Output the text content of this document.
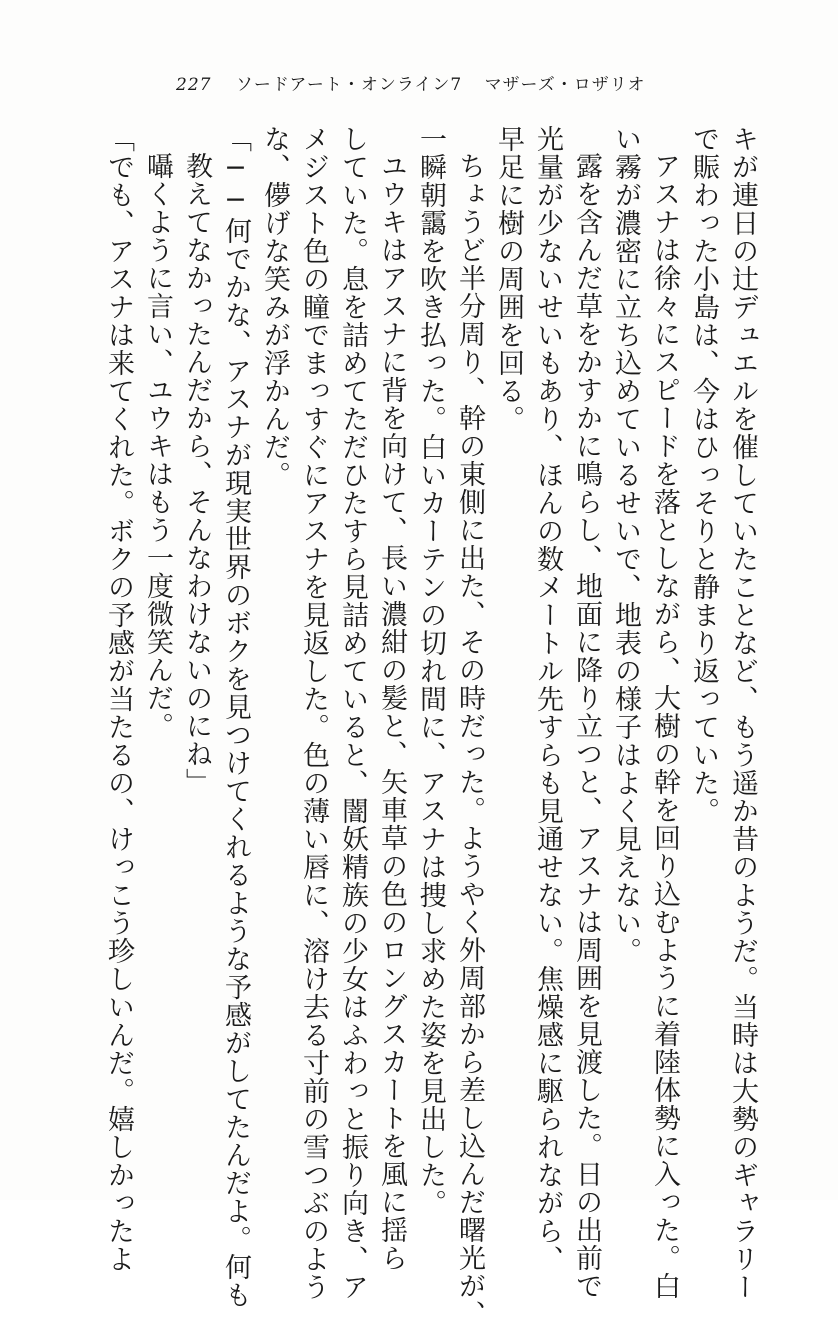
227 ソードアート・オンライン7 マザーズ・ロザリオ
キが連日の辻デュエルを催していたことなど、もう遥か昔のようだ。当時は大勢のギャラリー
で賑わった小島は、今はひっそりと静まり返っていた。
アスナは徐々にスピードを落としながら、大樹の幹を回り込むように着陸体勢に入った。白
い霧が濃密に立ち込めているせいで、地表の様子はよく見えない。
露を含んだ草をかすかに鳴らし、地面に降り立つと、アスナは周囲を見渡した。日の出前で
光量が少ないせいもあり、ほんの数メートル先すらも見通せない。焦燥感に駆られながら、
早足に樹の周囲を回る。
ちょうど半分周り、幹の東側に出た、その時だった。ようやく外周部から差し込んだ曙光が、
一瞬朝靄を吹き払った。白いカーテンの切れ間に、アスナは捜し求めた姿を見出した。
ユウキはアスナに背を向けて、長い濃紺の髪と、矢車草の色のロングスカートを風に揺ら
していた。息を詰めてただひたすら見詰めていると、闇妖精族の少女はふわっと振り向き、ア
メジスト色の瞳でまっすぐにアスナを見返した。色の薄い唇に、溶け去る寸前の雪つぶのよう
な、儚げな笑みが浮かんだ。
「──何でかな、アスナが現実世界のボクを見つけてくれるような予感がしてたんだよ。何も
教えてなかったんだから、そんなわけないのにね」
囁くように言い、ユウキはもう一度微笑んだ。
「でも、アスナは来てくれた。ボクの予感が当たるの、けっこう珍しいんだ。嬉しかったよ
